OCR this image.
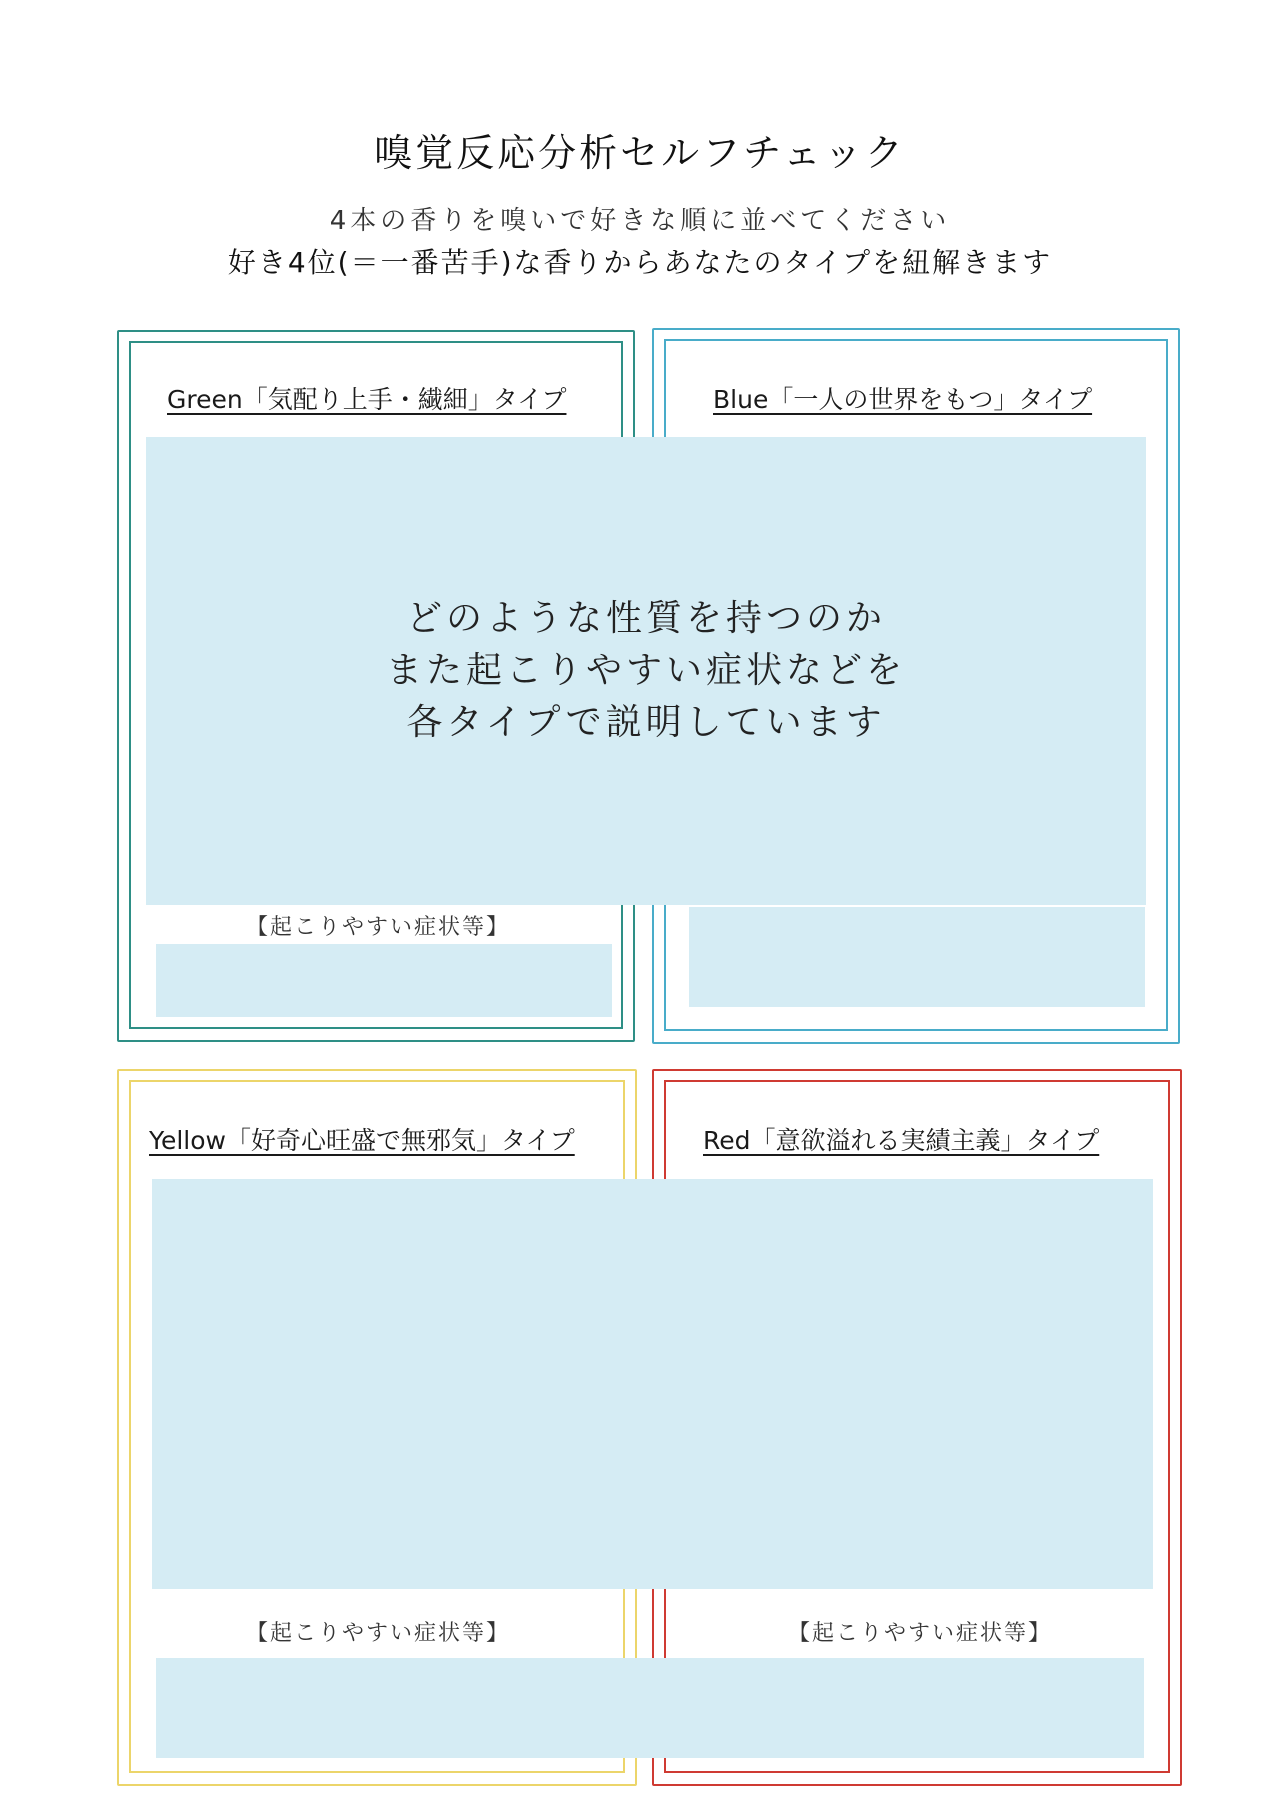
嗅覚反応分析セルフチェック
4本の香りを嗅いで好きな順に並べてください
好き4位(＝一番苦手)な香りからあなたのタイプを紐解きます
Green「気配り上手・繊細」タイプ
【起こりやすい症状等】
Blue「一人の世界をもつ」タイプ
Yellow「好奇心旺盛で無邪気」タイプ
【起こりやすい症状等】
Red「意欲溢れる実績主義」タイプ
【起こりやすい症状等】
どのような性質を持つのか
また起こりやすい症状などを
各タイプで説明しています
